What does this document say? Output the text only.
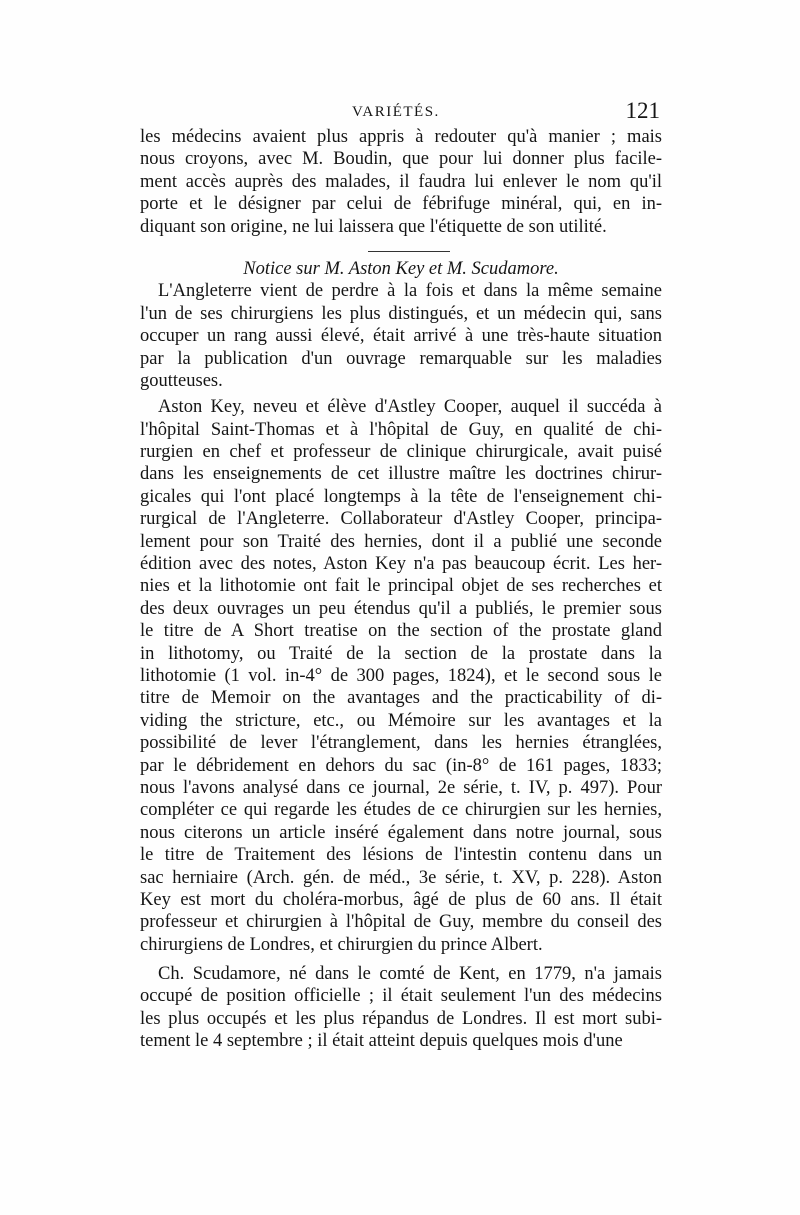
VARIÉTÉS.	121
les médecins avaient plus appris à redouter qu'à manier ; mais
nous croyons, avec M. Boudin, que pour lui donner plus facile-
ment accès auprès des malades, il faudra lui enlever le nom qu'il
porte et le désigner par celui de fébrifuge minéral, qui, en in-
diquant son origine, ne lui laissera que l'étiquette de son utilité.
Notice sur M. Aston Key et M. Scudamore.
L'Angleterre vient de perdre à la fois et dans la même semaine
l'un de ses chirurgiens les plus distingués, et un médecin qui, sans
occuper un rang aussi élevé, était arrivé à une très-haute situation
par la publication d'un ouvrage remarquable sur les maladies
goutteuses.
Aston Key, neveu et élève d'Astley Cooper, auquel il succéda à
l'hôpital Saint-Thomas et à l'hôpital de Guy, en qualité de chi-
rurgien en chef et professeur de clinique chirurgicale, avait puisé
dans les enseignements de cet illustre maître les doctrines chirur-
gicales qui l'ont placé longtemps à la tête de l'enseignement chi-
rurgical de l'Angleterre. Collaborateur d'Astley Cooper, principa-
lement pour son Traité des hernies, dont il a publié une seconde
édition avec des notes, Aston Key n'a pas beaucoup écrit. Les her-
nies et la lithotomie ont fait le principal objet de ses recherches et
des deux ouvrages un peu étendus qu'il a publiés, le premier sous
le titre de A Short treatise on the section of the prostate gland
in lithotomy, ou Traité de la section de la prostate dans la
lithotomie (1 vol. in-4° de 300 pages, 1824), et le second sous le
titre de Memoir on the avantages and the practicability of di-
viding the stricture, etc., ou Mémoire sur les avantages et la
possibilité de lever l'étranglement, dans les hernies étranglées,
par le débridement en dehors du sac (in-8° de 161 pages, 1833;
nous l'avons analysé dans ce journal, 2e série, t. IV, p. 497). Pour
compléter ce qui regarde les études de ce chirurgien sur les hernies,
nous citerons un article inséré également dans notre journal, sous
le titre de Traitement des lésions de l'intestin contenu dans un
sac herniaire (Arch. gén. de méd., 3e série, t. XV, p. 228). Aston
Key est mort du choléra-morbus, âgé de plus de 60 ans. Il était
professeur et chirurgien à l'hôpital de Guy, membre du conseil des
chirurgiens de Londres, et chirurgien du prince Albert.
Ch. Scudamore, né dans le comté de Kent, en 1779, n'a jamais
occupé de position officielle ; il était seulement l'un des médecins
les plus occupés et les plus répandus de Londres. Il est mort subi-
tement le 4 septembre ; il était atteint depuis quelques mois d'une
